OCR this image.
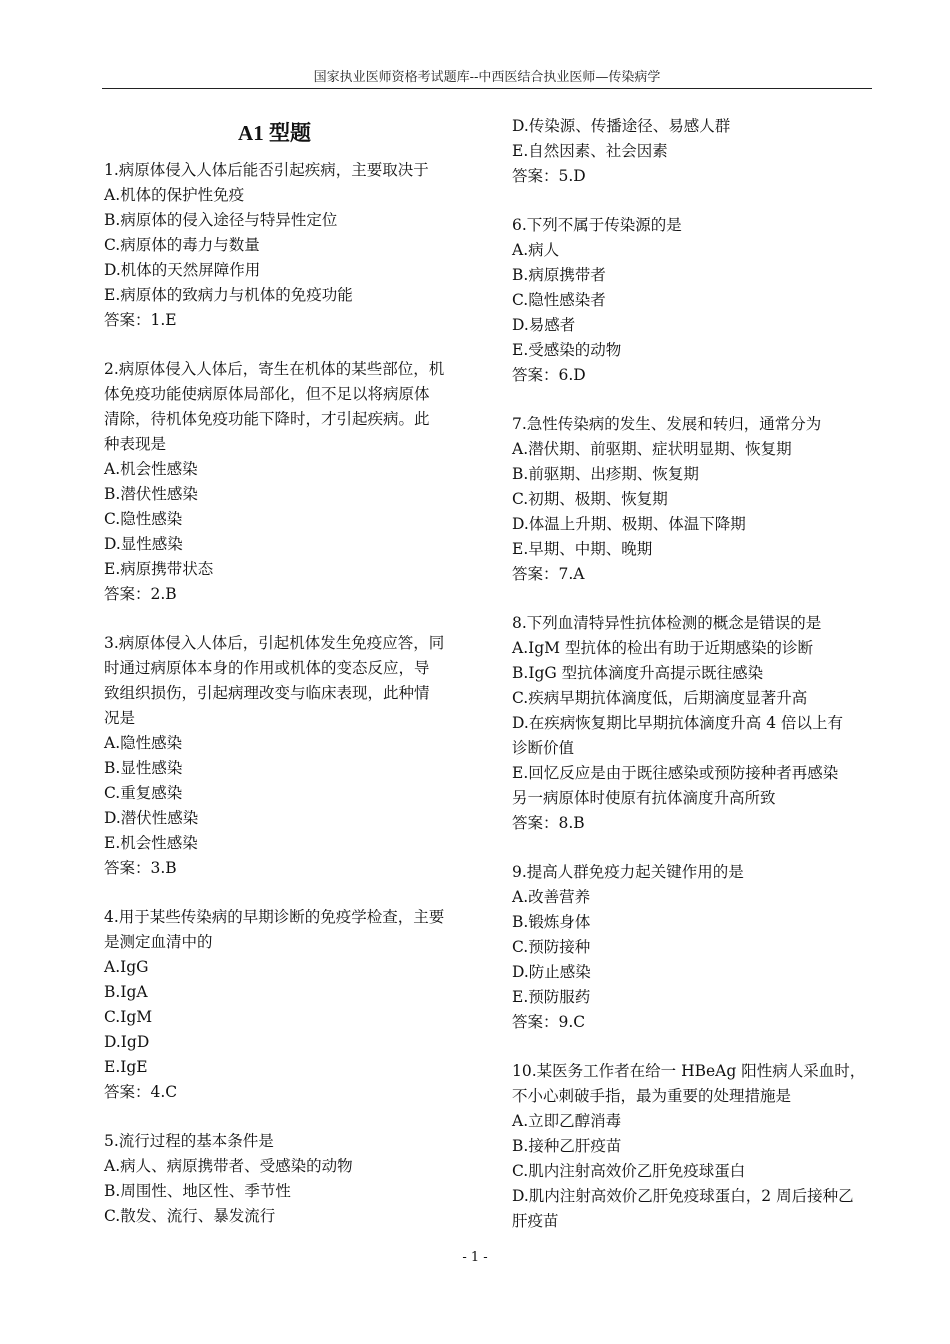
国家执业医师资格考试题库--中西医结合执业医师—传染病学
A1 型题
1.病原体侵入人体后能否引起疾病，主要取决于
A.机体的保护性免疫
B.病原体的侵入途径与特异性定位
C.病原体的毒力与数量
D.机体的天然屏障作用
E.病原体的致病力与机体的免疫功能
答案：1.E
2.病原体侵入人体后，寄生在机体的某些部位，机
体免疫功能使病原体局部化，但不足以将病原体
清除，待机体免疫功能下降时，才引起疾病。此
种表现是
A.机会性感染
B.潜伏性感染
C.隐性感染
D.显性感染
E.病原携带状态
答案：2.B
3.病原体侵入人体后，引起机体发生免疫应答，同
时通过病原体本身的作用或机体的变态反应，导
致组织损伤，引起病理改变与临床表现，此种情
况是
A.隐性感染
B.显性感染
C.重复感染
D.潜伏性感染
E.机会性感染
答案：3.B
4.用于某些传染病的早期诊断的免疫学检查，主要
是测定血清中的
A.IgG
B.IgA
C.IgM
D.IgD
E.IgE
答案：4.C
5.流行过程的基本条件是
A.病人、病原携带者、受感染的动物
B.周围性、地区性、季节性
C.散发、流行、暴发流行
D.传染源、传播途径、易感人群
E.自然因素、社会因素
答案：5.D
6.下列不属于传染源的是
A.病人
B.病原携带者
C.隐性感染者
D.易感者
E.受感染的动物
答案：6.D
7.急性传染病的发生、发展和转归，通常分为
A.潜伏期、前驱期、症状明显期、恢复期
B.前驱期、出疹期、恢复期
C.初期、极期、恢复期
D.体温上升期、极期、体温下降期
E.早期、中期、晚期
答案：7.A
8.下列血清特异性抗体检测的概念是错误的是
A.IgM 型抗体的检出有助于近期感染的诊断
B.IgG 型抗体滴度升高提示既往感染
C.疾病早期抗体滴度低，后期滴度显著升高
D.在疾病恢复期比早期抗体滴度升高 4 倍以上有
诊断价值
E.回忆反应是由于既往感染或预防接种者再感染
另一病原体时使原有抗体滴度升高所致
答案：8.B
9.提高人群免疫力起关键作用的是
A.改善营养
B.锻炼身体
C.预防接种
D.防止感染
E.预防服药
答案：9.C
10.某医务工作者在给一 HBeAg 阳性病人采血时，
不小心刺破手指，最为重要的处理措施是
A.立即乙醇消毒
B.接种乙肝疫苗
C.肌内注射高效价乙肝免疫球蛋白
D.肌内注射高效价乙肝免疫球蛋白，2 周后接种乙
肝疫苗
- 1 -
